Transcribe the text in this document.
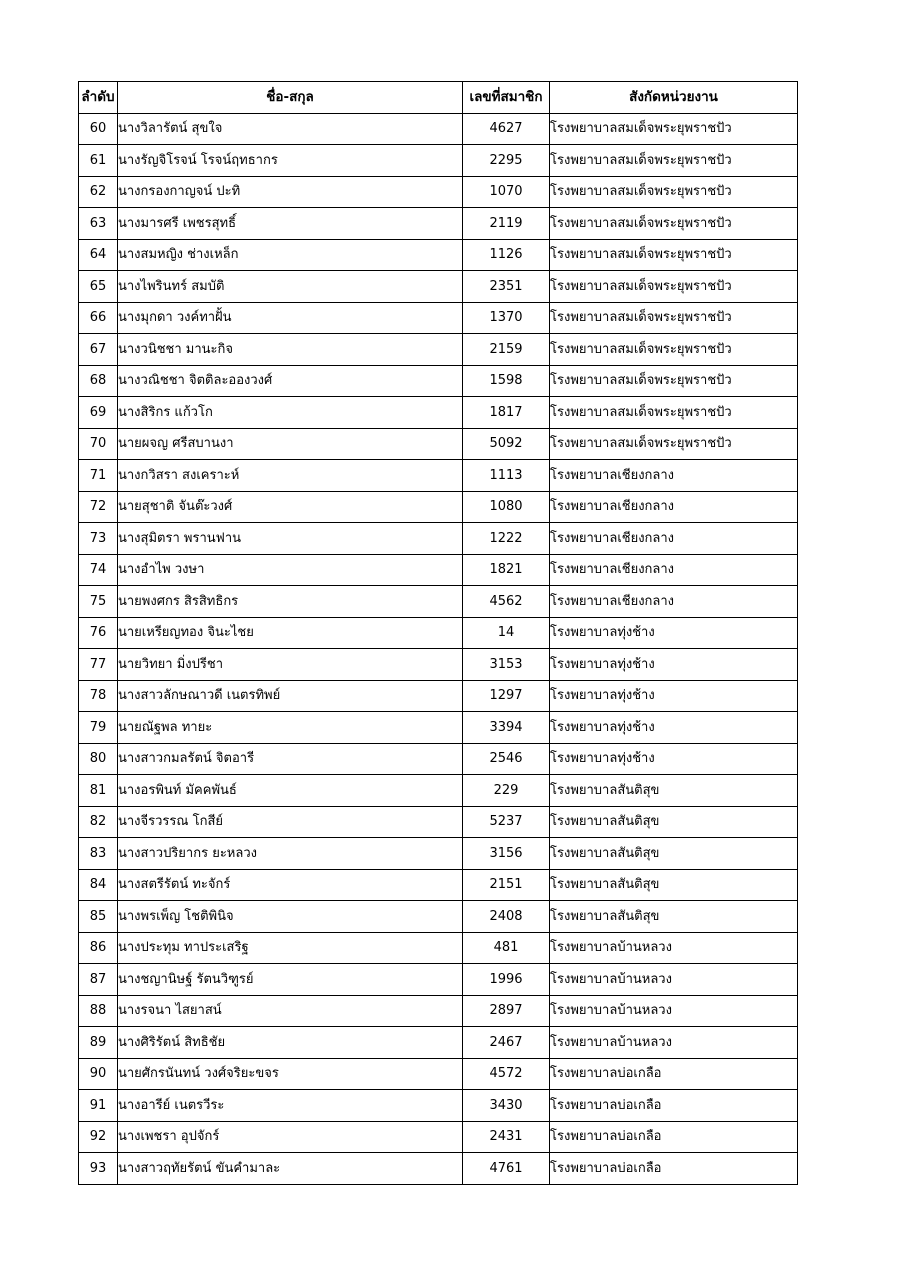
ลำดับ	ชื่อ-สกุล	เลขที่สมาชิก	สังกัดหน่วยงาน
60	นางวิลารัตน์ สุขใจ	4627	โรงพยาบาลสมเด็จพระยุพราชปัว
61	นางรัญจิโรจน์ โรจน์ฤทธากร	2295	โรงพยาบาลสมเด็จพระยุพราชปัว
62	นางกรองกาญจน์ ปะทิ	1070	โรงพยาบาลสมเด็จพระยุพราชปัว
63	นางมารศรี เพชรสุทธิ์	2119	โรงพยาบาลสมเด็จพระยุพราชปัว
64	นางสมหญิง ช่างเหล็ก	1126	โรงพยาบาลสมเด็จพระยุพราชปัว
65	นางไพรินทร์ สมบัติ	2351	โรงพยาบาลสมเด็จพระยุพราชปัว
66	นางมุกดา วงค์ทาฝั้น	1370	โรงพยาบาลสมเด็จพระยุพราชปัว
67	นางวนิชชา มานะกิจ	2159	โรงพยาบาลสมเด็จพระยุพราชปัว
68	นางวณิชชา จิตติละอองวงศ์	1598	โรงพยาบาลสมเด็จพระยุพราชปัว
69	นางสิริกร แก้วโก	1817	โรงพยาบาลสมเด็จพระยุพราชปัว
70	นายผจญ ศรีสบานงา	5092	โรงพยาบาลสมเด็จพระยุพราชปัว
71	นางกวิสรา สงเคราะห์	1113	โรงพยาบาลเชียงกลาง
72	นายสุชาติ จันต๊ะวงศ์	1080	โรงพยาบาลเชียงกลาง
73	นางสุมิตรา พรานฟาน	1222	โรงพยาบาลเชียงกลาง
74	นางอำไพ วงษา	1821	โรงพยาบาลเชียงกลาง
75	นายพงศกร สิรสิทธิกร	4562	โรงพยาบาลเชียงกลาง
76	นายเหรียญทอง จินะไชย	14	โรงพยาบาลทุ่งช้าง
77	นายวิทยา มิ่งปรีชา	3153	โรงพยาบาลทุ่งช้าง
78	นางสาวลักษณาวดี เนตรทิพย์	1297	โรงพยาบาลทุ่งช้าง
79	นายณัฐพล ทายะ	3394	โรงพยาบาลทุ่งช้าง
80	นางสาวกมลรัตน์ จิตอารี	2546	โรงพยาบาลทุ่งช้าง
81	นางอรพินท์ มัคคพันธ์	229	โรงพยาบาลสันติสุข
82	นางจีรวรรณ โกสีย์	5237	โรงพยาบาลสันติสุข
83	นางสาวปริยากร ยะหลวง	3156	โรงพยาบาลสันติสุข
84	นางสตรีรัตน์ ทะจักร์	2151	โรงพยาบาลสันติสุข
85	นางพรเพ็ญ โชติพินิจ	2408	โรงพยาบาลสันติสุข
86	นางประทุม ทาประเสริฐ	481	โรงพยาบาลบ้านหลวง
87	นางชญานิษฐ์ รัตนวิฑูรย์	1996	โรงพยาบาลบ้านหลวง
88	นางรจนา ไสยาสน์	2897	โรงพยาบาลบ้านหลวง
89	นางศิริรัตน์ สิทธิชัย	2467	โรงพยาบาลบ้านหลวง
90	นายศักรนันทน์ วงศ์จริยะขจร	4572	โรงพยาบาลบ่อเกลือ
91	นางอารีย์ เนตรวีระ	3430	โรงพยาบาลบ่อเกลือ
92	นางเพชรา อุปจักร์	2431	โรงพยาบาลบ่อเกลือ
93	นางสาวฤทัยรัตน์ ขันคำมาละ	4761	โรงพยาบาลบ่อเกลือ
